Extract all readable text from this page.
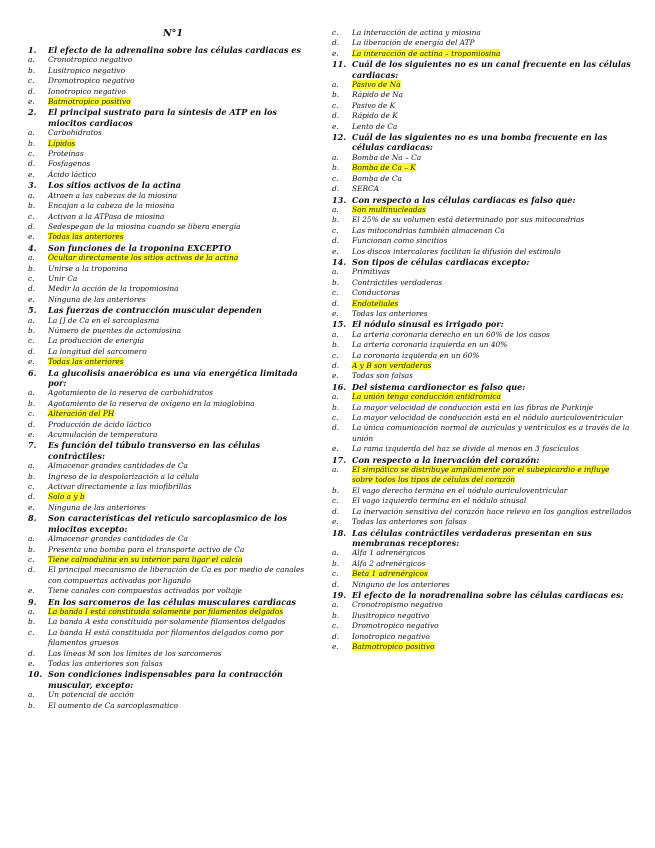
N°1
1.	El efecto de la adrenalina sobre las células cardiacas es
a.	Cronotropico negativo
b.	Lusitropico negativo
c.	Dromotropico negativo
d.	Ionotropico negativo
e.	Batmotropico positivo
2.	El principal sustrato para la síntesis de ATP en los miocitos cardiacos
a.	Carbohidratos
b.	Lípidos
c.	Proteínas
d.	Fosfagenos
e.	Ácido láctico
3.	Los sitios activos de la actina
a.	Atraen a las cabezas de la miosina
b.	Encajan a la cabeza de la miosina
c.	Activan a la ATPasa de miosina
d.	Sedespegan de la miosina cuando se libera energía
e.	Todas las anteriores
4.	Son funciones de la troponina EXCEPTO
a.	Ocultar directamente los sitios activos de la actina
b.	Unirse a la troponina
c.	Unir Ca
d.	Medir la acción de la tropomiosina
e.	Ninguna de las anteriores
5.	Las fuerzas de contracción muscular dependen
a.	La [] de Ca en el sarcoplasma
b.	Número de puentes de actomiosina
c.	La producción de energía
d.	La longitud del sarcomero
e.	Todas las anteriores
6.	La glucolisis anaeróbica es una vía energética limitada por:
a.	Agotamiento de la reserva de carbohidratos
b.	Agotamiento de la reserva de oxígeno en la mioglobina
c.	Alteración del PH
d.	Producción de ácido láctico
e.	Acumulación de temperatura
7.	Es función del túbulo transverso en las células contráctiles:
a.	Almacenar grandes cantidades de Ca
b.	Ingreso de la despolarización a la célula
c.	Activar directamente a las miofibrillas
d.	Solo a y b
e.	Ninguna de las anteriores
8.	Son características del retículo sarcoplasmico de los miocitos excepto:
a.	Almacenar grandes cantidades de Ca
b.	Presenta una bomba para el transporte activo de Ca
c.	Tiene calmodulina en su interior para ligar el calcio
d.	El principal mecanismo de liberación de Ca es por medio de canales con compuertas activadas por ligando
e.	Tiene canales con compuestas activadas por voltaje
9.	En los sarcomeros de las células musculares cardiacas
a.	La banda I está constituida solamente por filamentos delgados
b.	La banda A esta constituida por solamente filamentos delgados
c.	La banda H está constituida por filamentos delgados como por filamentos gruesos
d.	Las líneas M son los límites de los sarcomeros
e.	Todas las anteriores son falsas
10. Son condiciones indispensables para la contracción muscular, excepto:
a.	Un potencial de acción
b.	El aumento de Ca sarcoplasmatico
c.	La interacción de actina y miosina
d.	La liberación de energía del ATP
e.	La interacción de actina – tropomiosina
11. Cuál de los siguientes no es un canal frecuente en las células cardiacas:
a.	Pasivo de Na
b.	Rápido de Na
c.	Pasivo de K
d.	Rápido de K
e.	Lento de Ca
12. Cuál de las siguientes no es una bomba frecuente en las células cardiacas:
a.	Bomba de Na – Ca
b.	Bomba de Ca – K
c.	Bomba de Ca
d.	SERCA
13. Con respecto a las células cardiacas es falso que:
a.	Son multinucleadas
b.	El 25% de su volumen está determinado por sus mitocondrias
c.	Las mitocondrias también almacenan Ca
d.	Funcionan como sincitios
e.	Los discos intercalares facilitan la difusión del estimulo
14. Son tipos de células cardiacas excepto:
a.	Primitivas
b.	Contráctiles verdaderas
c.	Conductoras
d.	Endoteliales
e.	Todas las anteriores
15. El nódulo sinusal es irrigado por:
a.	La arteria coronaria derecho en un 60% de los casos
b.	La arteria coronaria izquierda en un 40%
c.	La coronaria izquierda en un 60%
d.	A y B son verdaderas
e.	Todas son falsas
16. Del sistema cardionector es falso que:
a.	La unión tenga conducción antidromica
b.	La mayor velocidad de conducción está en las fibras de Purkinje
c.	La mayor velocidad de conducción está en el nódulo auriculoventricular
d.	La única comunicación normal de aurículas y ventrículos es a través de la unión
e.	La rama izquierda del haz se divide al menos en 3 fascículos
17. Con respecto a la inervación del corazón:
a.	El simpático se distribuye ampliamente por el subepicardio e influye sobre todos los tipos de células del corazón
b.	El vago derecho termina en el nódulo auriculoventricular
c.	El vago izquierdo termina en el nódulo sinusal
d.	La inervación sensitiva del corazón hace relevo en los ganglios estrellados
e.	Todas las anteriores son falsas
18. Las células contráctiles verdaderas presentan en sus membranas receptores:
a.	Alfa 1 adrenérgicos
b.	Alfa 2 adrenérgicos
c.	Beta 1 adrenérgicos
d.	Ninguno de los anteriores
19. El efecto de la noradrenalina sobre las células cardiacas es:
a.	Cronotropismo negativo
b.	Ilusitropico negativo
c.	Dromotropico negativo
d.	Ionotropico negativo
e.	Batmotropico positivo
